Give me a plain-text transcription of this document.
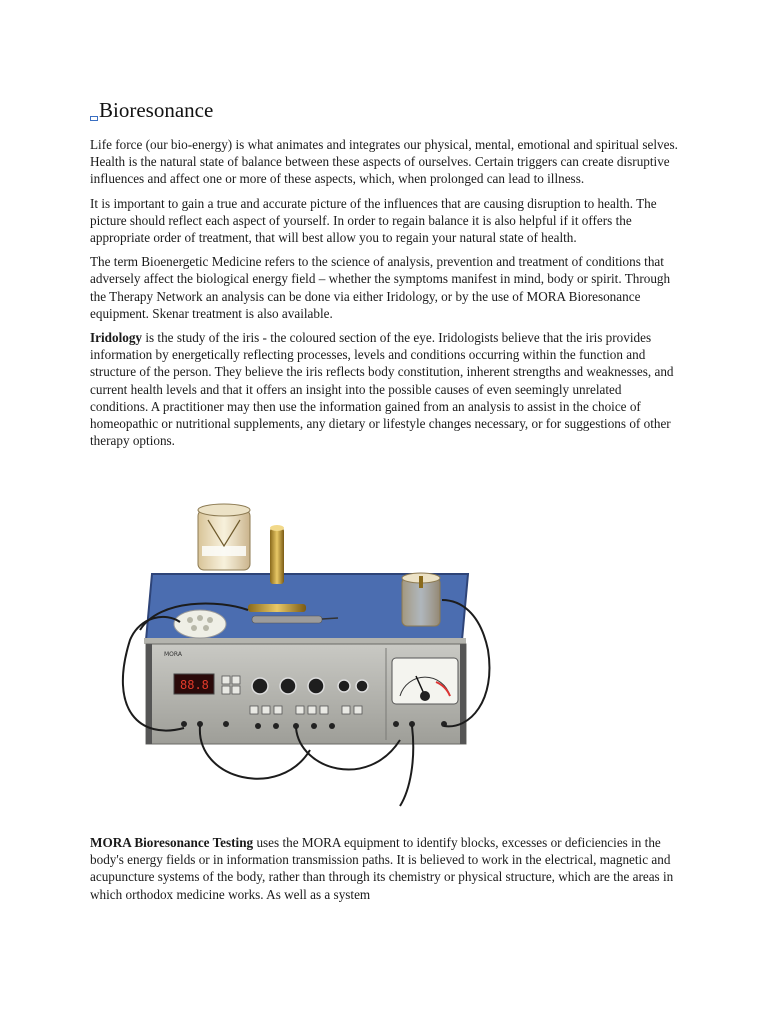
Bioresonance

Life force (our bio-energy) is what animates and integrates our physical, mental, emotional and spiritual selves. Health is the natural state of balance between these aspects of ourselves. Certain triggers can create disruptive influences and affect one or more of these aspects, which, when prolonged can lead to illness.

It is important to gain a true and accurate picture of the influences that are causing disruption to health. The picture should reflect each aspect of yourself. In order to regain balance it is also helpful if it offers the appropriate order of treatment, that will best allow you to regain your natural state of health.

The term Bioenergetic Medicine refers to the science of analysis, prevention and treatment of conditions that adversely affect the biological energy field – whether the symptoms manifest in mind, body or spirit. Through the Therapy Network an analysis can be done via either Iridology, or by the use of MORA Bioresonance equipment. Skenar treatment is also available.

Iridology is the study of the iris - the coloured section of the eye. Iridologists believe that the iris provides information by energetically reflecting processes, levels and conditions occurring within the function and structure of the person. They believe the iris reflects body constitution, inherent strengths and weaknesses, and current health levels and that it offers an insight into the possible causes of even seemingly unrelated conditions. A practitioner may then use the information gained from an analysis to assist in the choice of homeopathic or nutritional supplements, any dietary or lifestyle changes necessary, or for suggestions of other therapy options.

MORA
88.8

MORA Bioresonance Testing uses the MORA equipment to identify blocks, excesses or deficiencies in the body's energy fields or in information transmission paths. It is believed to work in the electrical, magnetic and acupuncture systems of the body, rather than through its chemistry or physical structure, which are the areas in which orthodox medicine works. As well as a system
